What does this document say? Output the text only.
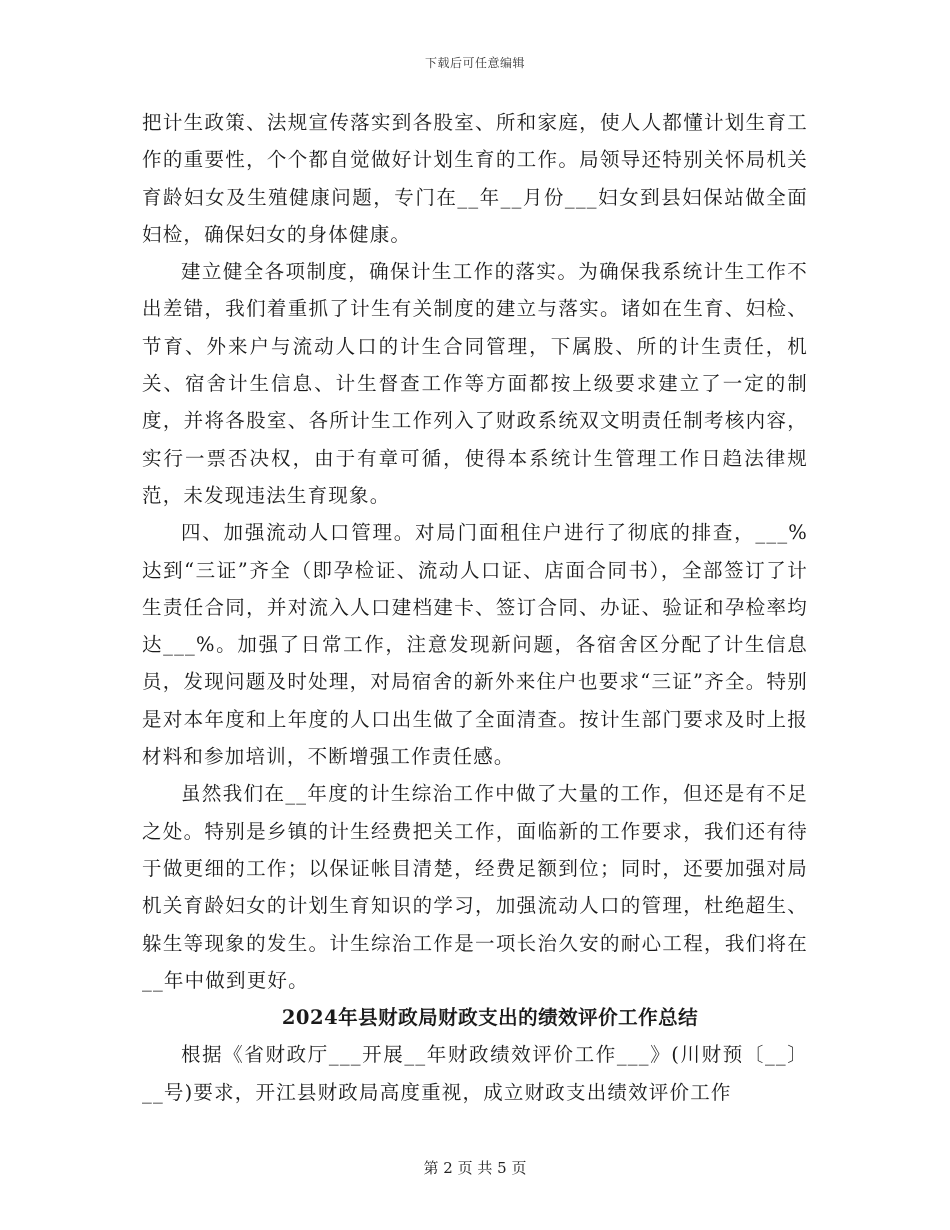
下载后可任意编辑

把计生政策、法规宣传落实到各股室、所和家庭，使人人都懂计划生育工作的重要性，个个都自觉做好计划生育的工作。局领导还特别关怀局机关育龄妇女及生殖健康问题，专门在__年__月份___妇女到县妇保站做全面妇检，确保妇女的身体健康。

建立健全各项制度，确保计生工作的落实。为确保我系统计生工作不出差错，我们着重抓了计生有关制度的建立与落实。诸如在生育、妇检、节育、外来户与流动人口的计生合同管理，下属股、所的计生责任，机关、宿舍计生信息、计生督查工作等方面都按上级要求建立了一定的制度，并将各股室、各所计生工作列入了财政系统双文明责任制考核内容，实行一票否决权，由于有章可循，使得本系统计生管理工作日趋法律规范，未发现违法生育现象。

四、加强流动人口管理。对局门面租住户进行了彻底的排查，___%达到“三证”齐全（即孕检证、流动人口证、店面合同书），全部签订了计生责任合同，并对流入人口建档建卡、签订合同、办证、验证和孕检率均达___%。加强了日常工作，注意发现新问题，各宿舍区分配了计生信息员，发现问题及时处理，对局宿舍的新外来住户也要求“三证”齐全。特别是对本年度和上年度的人口出生做了全面清查。按计生部门要求及时上报材料和参加培训，不断增强工作责任感。

虽然我们在__年度的计生综治工作中做了大量的工作，但还是有不足之处。特别是乡镇的计生经费把关工作，面临新的工作要求，我们还有待于做更细的工作；以保证帐目清楚，经费足额到位；同时，还要加强对局机关育龄妇女的计划生育知识的学习，加强流动人口的管理，杜绝超生、躲生等现象的发生。计生综治工作是一项长治久安的耐心工程，我们将在__年中做到更好。

2024年县财政局财政支出的绩效评价工作总结

根据《省财政厅___开展__年财政绩效评价工作___》(川财预〔__〕__号)要求，开江县财政局高度重视，成立财政支出绩效评价工作

第 2 页 共 5 页
